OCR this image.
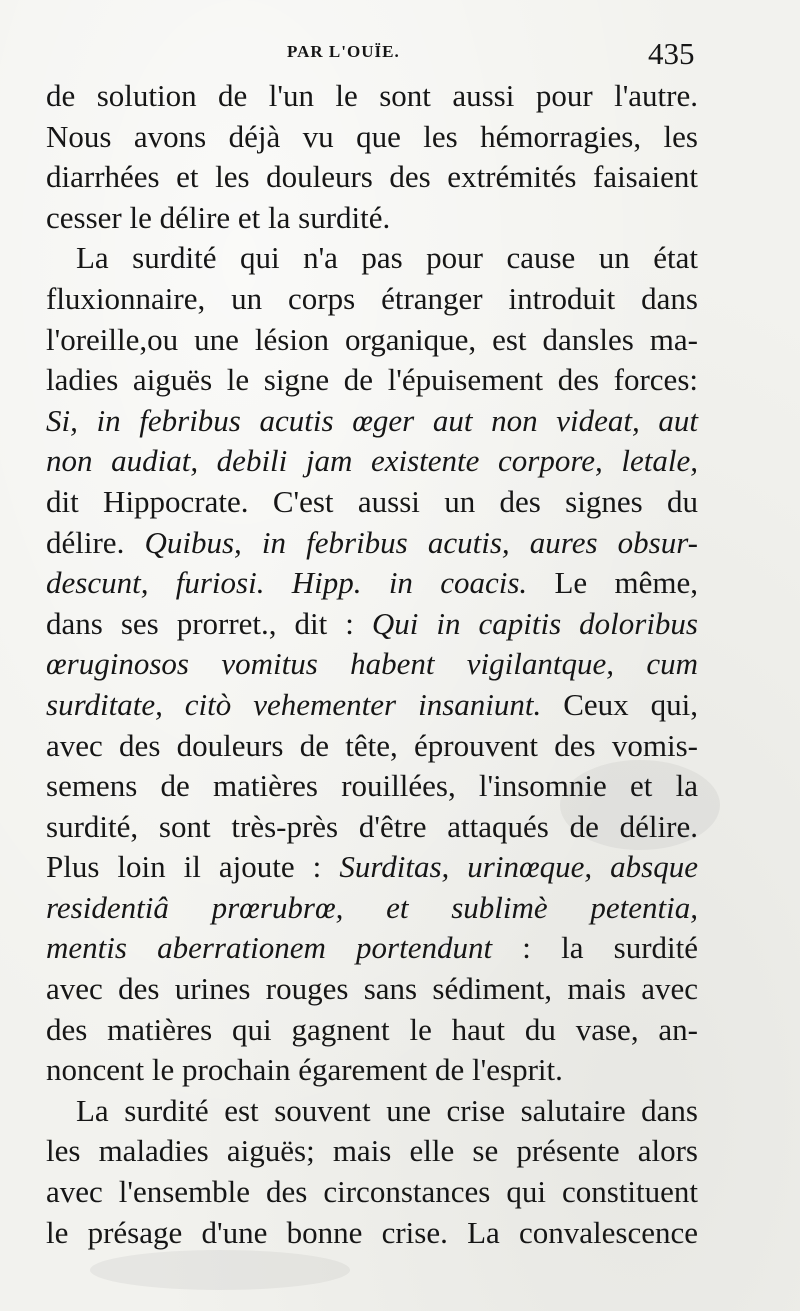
PAR L'OUÏE.	435
de solution de l'un le sont aussi pour l'autre.
Nous avons déjà vu que les hémorragies, les
diarrhées et les douleurs des extrémités faisaient
cesser le délire et la surdité.
La surdité qui n'a pas pour cause un état
fluxionnaire, un corps étranger introduit dans
l'oreille,ou une lésion organique, est dansles ma-
ladies aiguës le signe de l'épuisement des forces:
Si, in febribus acutis œger aut non videat, aut
non audiat, debili jam existente corpore, letale,
dit Hippocrate. C'est aussi un des signes du
délire. Quibus, in febribus acutis, aures obsur-
descunt, furiosi. Hipp. in coacis. Le même,
dans ses prorret., dit : Qui in capitis doloribus
œruginosos vomitus habent vigilantque, cum
surditate, citò vehementer insaniunt. Ceux qui,
avec des douleurs de tête, éprouvent des vomis-
semens de matières rouillées, l'insomnie et la
surdité, sont très-près d'être attaqués de délire.
Plus loin il ajoute : Surditas, urinœque, absque
residentiâ prœrubrœ, et sublimè petentia,
mentis aberrationem portendunt : la surdité
avec des urines rouges sans sédiment, mais avec
des matières qui gagnent le haut du vase, an-
noncent le prochain égarement de l'esprit.
La surdité est souvent une crise salutaire dans
les maladies aiguës; mais elle se présente alors
avec l'ensemble des circonstances qui constituent
le présage d'une bonne crise. La convalescence
